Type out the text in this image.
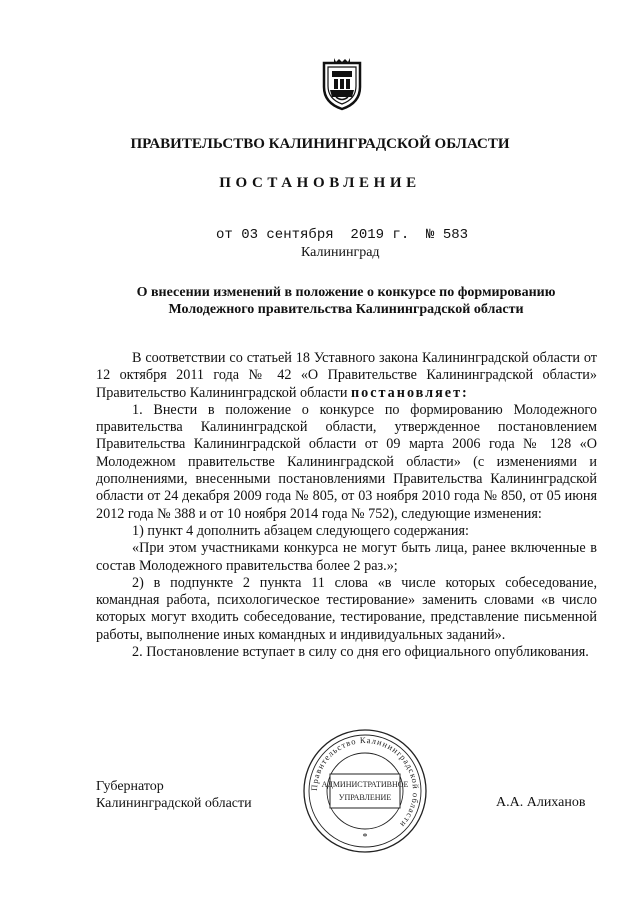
ПРАВИТЕЛЬСТВО КАЛИНИНГРАДСКОЙ ОБЛАСТИ
ПОСТАНОВЛЕНИЕ
от 03 сентября  2019 г.  № 583
Калининград
О внесении изменений в положение о конкурсе по формированию
Молодежного правительства Калининградской области

В соответствии со статьей 18 Уставного закона Калининградской области от 12 октября 2011 года № 42 «О Правительстве Калининградской области» Правительство Калининградской области постановляет:

1. Внести в положение о конкурсе по формированию Молодежного правительства Калининградской области, утвержденное постановлением Правительства Калининградской области от 09 марта 2006 года № 128 «О Молодежном правительстве Калининградской области» (с изменениями и дополнениями, внесенными постановлениями Правительства Калининградской области от 24 декабря 2009 года № 805, от 03 ноября 2010 года № 850, от 05 июня 2012 года № 388 и от 10 ноября 2014 года № 752), следующие изменения:

1) пункт 4 дополнить абзацем следующего содержания:

«При этом участниками конкурса не могут быть лица, ранее включенные в состав Молодежного правительства более 2 раз.»;

2) в подпункте 2 пункта 11 слова «в числе которых собеседование, командная работа, психологическое тестирование» заменить словами «в число которых могут входить собеседование, тестирование, представление письменной работы, выполнение иных командных и индивидуальных заданий».

2. Постановление вступает в силу со дня его официального опубликования.

Губернатор
Калининградской области	А.А. Алиханов
Правительство Калининградской области
АДМИНИСТРАТИВНОЕ
УПРАВЛЕНИЕ
*
